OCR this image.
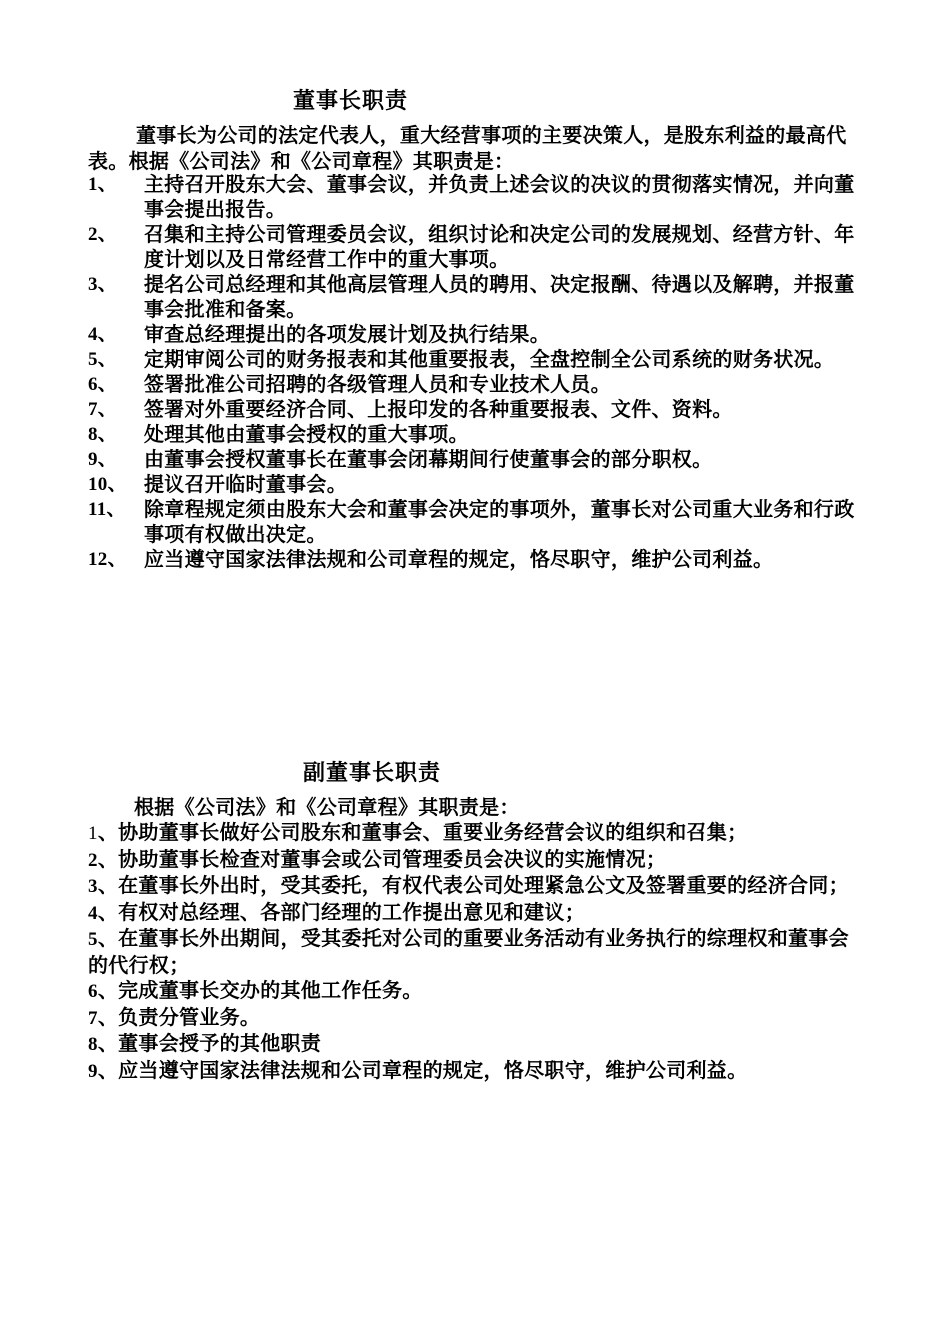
董事长职责
董事长为公司的法定代表人，重大经营事项的主要决策人，是股东利益的最高代表。根据《公司法》和《公司章程》其职责是：
1、 主持召开股东大会、董事会议，并负责上述会议的决议的贯彻落实情况，并向董事会提出报告。
2、 召集和主持公司管理委员会议，组织讨论和决定公司的发展规划、经营方针、年度计划以及日常经营工作中的重大事项。
3、 提名公司总经理和其他高层管理人员的聘用、决定报酬、待遇以及解聘，并报董事会批准和备案。
4、 审查总经理提出的各项发展计划及执行结果。
5、 定期审阅公司的财务报表和其他重要报表，全盘控制全公司系统的财务状况。
6、 签署批准公司招聘的各级管理人员和专业技术人员。
7、 签署对外重要经济合同、上报印发的各种重要报表、文件、资料。
8、 处理其他由董事会授权的重大事项。
9、 由董事会授权董事长在董事会闭幕期间行使董事会的部分职权。
10、 提议召开临时董事会。
11、 除章程规定须由股东大会和董事会决定的事项外，董事长对公司重大业务和行政事项有权做出决定。
12、 应当遵守国家法律法规和公司章程的规定，恪尽职守，维护公司利益。
副董事长职责
根据《公司法》和《公司章程》其职责是：
1、协助董事长做好公司股东和董事会、重要业务经营会议的组织和召集；
2、协助董事长检查对董事会或公司管理委员会决议的实施情况；
3、在董事长外出时，受其委托，有权代表公司处理紧急公文及签署重要的经济合同；
4、有权对总经理、各部门经理的工作提出意见和建议；
5、在董事长外出期间，受其委托对公司的重要业务活动有业务执行的综理权和董事会的代行权；
6、完成董事长交办的其他工作任务。
7、负责分管业务。
8、董事会授予的其他职责
9、应当遵守国家法律法规和公司章程的规定，恪尽职守，维护公司利益。
